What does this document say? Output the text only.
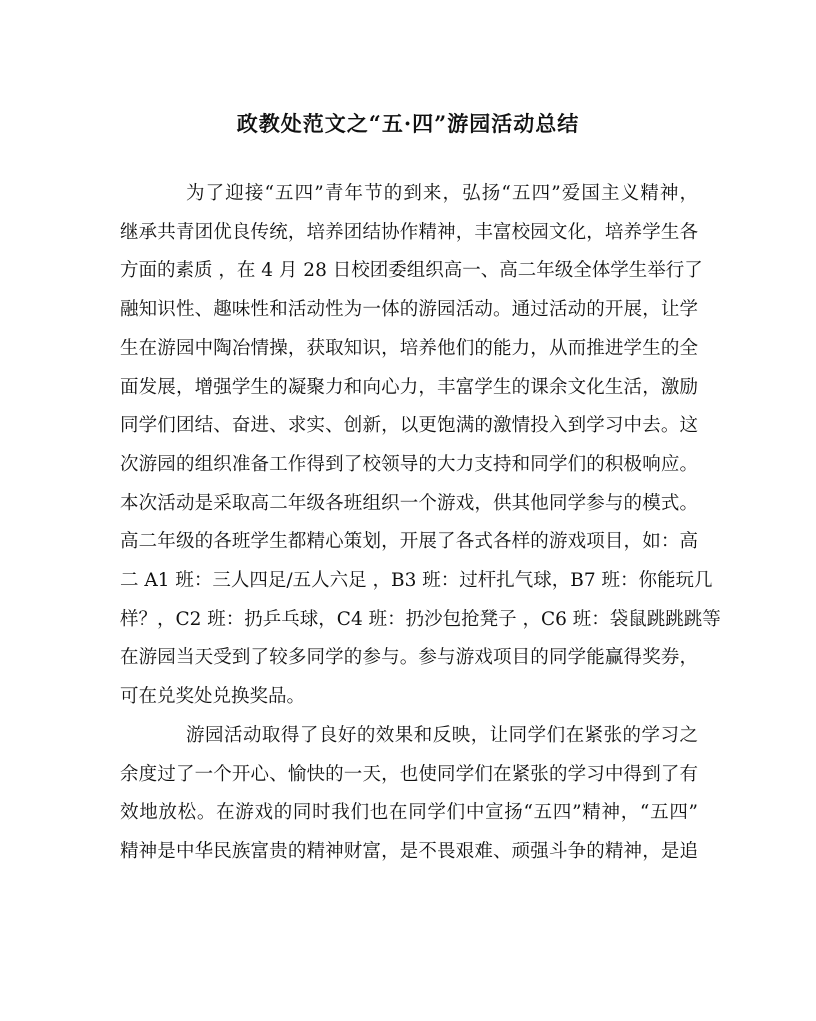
政教处范文之“五·四”游园活动总结
为了迎接“五四”青年节的到来，弘扬“五四”爱国主义精神，
继承共青团优良传统，培养团结协作精神，丰富校园文化，培养学生各
方面的素质 ，在 4 月 28 日校团委组织高一、高二年级全体学生举行了
融知识性、趣味性和活动性为一体的游园活动。通过活动的开展，让学
生在游园中陶冶情操，获取知识，培养他们的能力，从而推进学生的全
面发展，增强学生的凝聚力和向心力，丰富学生的课余文化生活，激励
同学们团结、奋进、求实、创新，以更饱满的激情投入到学习中去。这
次游园的组织准备工作得到了校领导的大力支持和同学们的积极响应。
本次活动是采取高二年级各班组织一个游戏，供其他同学参与的模式。
高二年级的各班学生都精心策划，开展了各式各样的游戏项目，如：高
二 A1 班：三人四足/五人六足 ，B3 班：过杆扎气球，B7 班：你能玩几
样？，C2 班：扔乒乓球，C4 班：扔沙包抢凳子 ，C6 班：袋鼠跳跳跳等
在游园当天受到了较多同学的参与。参与游戏项目的同学能赢得奖券，
可在兑奖处兑换奖品。
游园活动取得了良好的效果和反映，让同学们在紧张的学习之
余度过了一个开心、愉快的一天，也使同学们在紧张的学习中得到了有
效地放松。在游戏的同时我们也在同学们中宣扬“五四”精神，“五四”
精神是中华民族富贵的精神财富，是不畏艰难、顽强斗争的精神，是追
